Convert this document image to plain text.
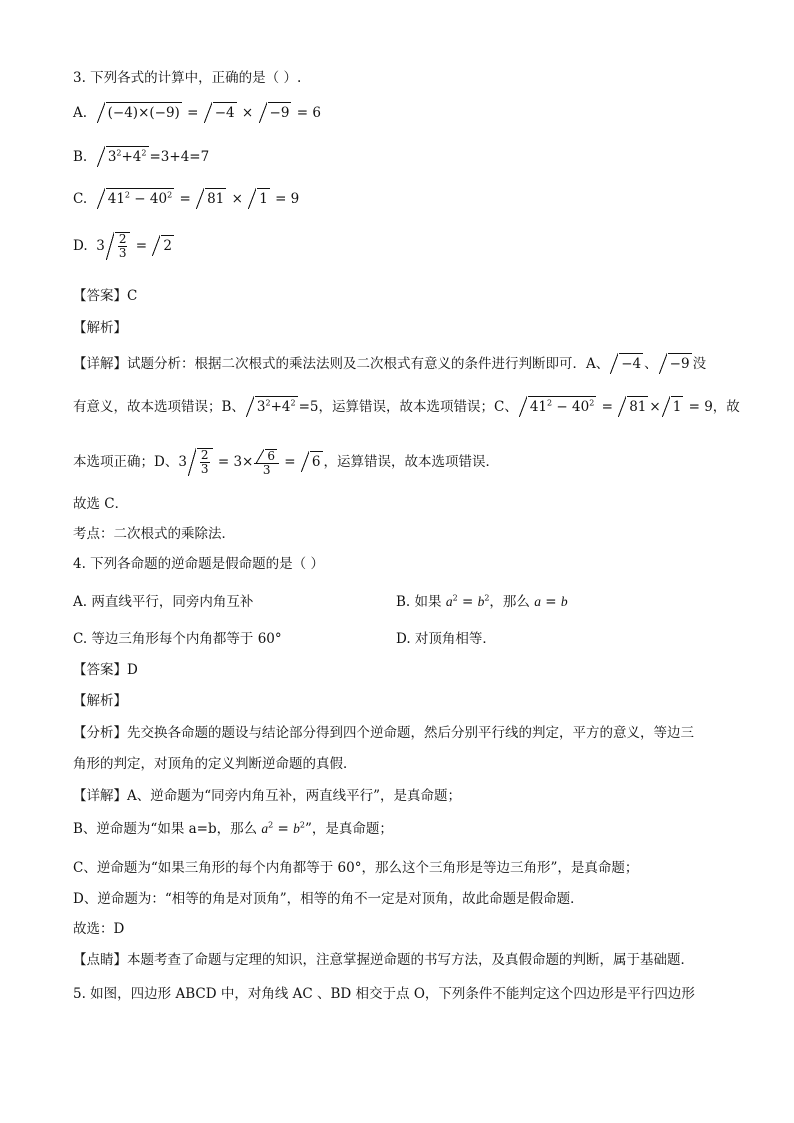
3. 下列各式的计算中，正确的是（ ）.
A. (−4)×(−9) = −4 × −9 = 6
B. $3^2+4^2 =3+4=7$
C. $41^2 - 40^2 = 81 \times 1 = 9$
D.  $3 \frac{2}{3} = 2$
【答案】C
【解析】
【详解】试题分析：根据二次根式的乘法法则及二次根式有意义的条件进行判断即可．A、 −4 、 −9 没
有意义，故本选项错误；B、 $3^2+4^2 =5$，运算错误，故本选项错误；C、 $41^2 - 40^2 = 81 \times 1 = 9$，故
本选项正确；D、$3 \frac{2}{3} = 3\times \frac{6}{3} = 6$ ，运算错误，故本选项错误．
故选 C．
考点：二次根式的乘除法．
4. 下列各命题的逆命题是假命题的是（ ）
A. 两直线平行，同旁内角互补	B. 如果 $a^2 = b^2$，那么 a = b
C. 等边三角形每个内角都等于 60°	D. 对顶角相等．
【答案】D
【解析】
【分析】先交换各命题的题设与结论部分得到四个逆命题，然后分别平行线的判定，平方的意义，等边三
角形的判定，对顶角的定义判断逆命题的真假．
【详解】A、逆命题为“同旁内角互补，两直线平行”，是真命题；
B、逆命题为“如果 a=b，那么 $a^2 = b^2$”，是真命题；
C、逆命题为“如果三角形的每个内角都等于 60°，那么这个三角形是等边三角形”，是真命题；
D、逆命题为：“相等的角是对顶角”，相等的角不一定是对顶角，故此命题是假命题．
故选：D
【点睛】本题考查了命题与定理的知识，注意掌握逆命题的书写方法，及真假命题的判断，属于基础题．
5. 如图，四边形 ABCD 中，对角线 AC 、BD 相交于点 O，下列条件不能判定这个四边形是平行四边形
